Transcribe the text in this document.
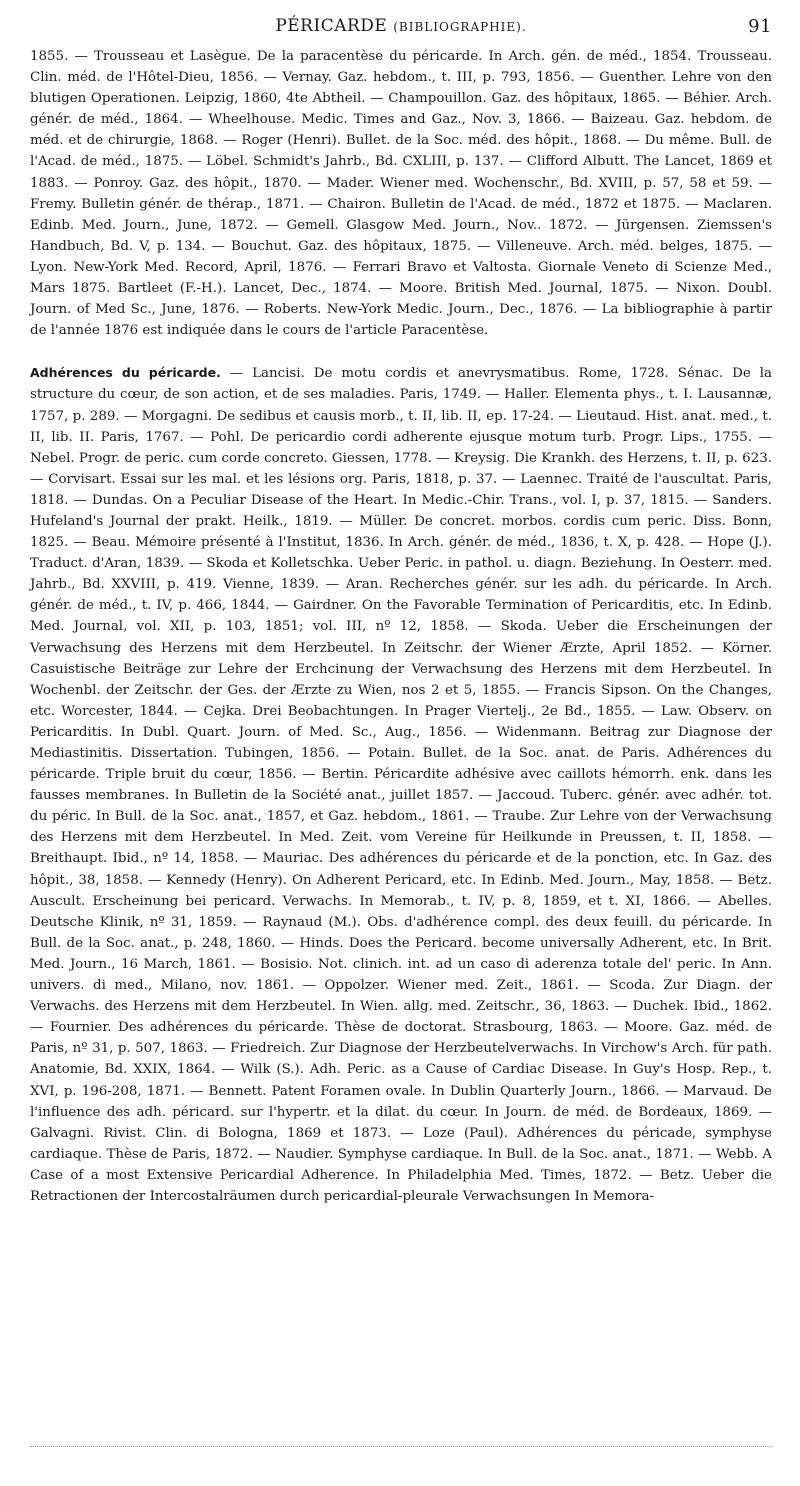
PÉRICARDE (BIBLIOGRAPHIE).	91

1855. — Trousseau et Lasègue. De la paracentèse du péricarde. In Arch. gén. de méd., 1854. Trousseau. Clin. méd. de l'Hôtel-Dieu, 1856. — Vernay. Gaz. hebdom., t. III, p. 793, 1856. — Guenther. Lehre von den blutigen Operationen. Leipzig, 1860, 4te Abtheil. — Champouillon. Gaz. des hôpitaux, 1865. — Béhier. Arch. génér. de méd., 1864. — Wheelhouse. Medic. Times and Gaz., Nov. 3, 1866. — Baizeau. Gaz. hebdom. de méd. et de chirurgie, 1868. — Roger (Henri). Bullet. de la Soc. méd. des hôpit., 1868. — Du même. Bull. de l'Acad. de méd., 1875. — Löbel. Schmidt's Jahrb., Bd. CXLIII, p. 137. — Clifford Albutt. The Lancet, 1869 et 1883. — Ponroy. Gaz. des hôpit., 1870. — Mader. Wiener med. Wochenschr., Bd. XVIII, p. 57, 58 et 59. — Fremy. Bulletin génér. de thérap., 1871. — Chairon. Bulletin de l'Acad. de méd., 1872 et 1875. — Maclaren. Edinb. Med. Journ., June, 1872. — Gemell. Glasgow Med. Journ., Nov.. 1872. — Jürgensen. Ziemssen's Handbuch, Bd. V, p. 134. — Bouchut. Gaz. des hôpitaux, 1875. — Villeneuve. Arch. méd. belges, 1875. — Lyon. New-York Med. Record, April, 1876. — Ferrari Bravo et Valtosta. Giornale Veneto di Scienze Med., Mars 1875. Bartleet (F.-H.). Lancet, Dec., 1874. — Moore. British Med. Journal, 1875. — Nixon. Doubl. Journ. of Med Sc., June, 1876. — Roberts. New-York Medic. Journ., Dec., 1876. — La bibliographie à partir de l'année 1876 est indiquée dans le cours de l'article Paracentèse.

Adhérences du péricarde. — Lancisi. De motu cordis et anevrysmatibus. Rome, 1728. Sénac. De la structure du cœur, de son action, et de ses maladies. Paris, 1749. — Haller. Elementa phys., t. I. Lausannæ, 1757, p. 289. — Morgagni. De sedibus et causis morb., t. II, lib. II, ep. 17-24. — Lieutaud. Hist. anat. med., t. II, lib. II. Paris, 1767. — Pohl. De pericardio cordi adherente ejusque motum turb. Progr. Lips., 1755. — Nebel. Progr. de peric. cum corde concreto. Giessen, 1778. — Kreysig. Die Krankh. des Herzens, t. II, p. 623. — Corvisart. Essai sur les mal. et les lésions org. Paris, 1818, p. 37. — Laennec. Traité de l'auscultat. Paris, 1818. — Dundas. On a Peculiar Disease of the Heart. In Medic.-Chir. Trans., vol. I, p. 37, 1815. — Sanders. Hufeland's Journal der prakt. Heilk., 1819. — Müller. De concret. morbos. cordis cum peric. Diss. Bonn, 1825. — Beau. Mémoire présenté à l'Institut, 1836. In Arch. génér. de méd., 1836, t. X, p. 428. — Hope (J.). Traduct. d'Aran, 1839. — Skoda et Kolletschka. Ueber Peric. in pathol. u. diagn. Beziehung. In Oesterr. med. Jahrb., Bd. XXVIII, p. 419. Vienne, 1839. — Aran. Recherches génér. sur les adh. du péricarde. In Arch. génér. de méd., t. IV, p. 466, 1844. — Gairdner. On the Favorable Termination of Pericarditis, etc. In Edinb. Med. Journal, vol. XII, p. 103, 1851; vol. III, nº 12, 1858. — Skoda. Ueber die Erscheinungen der Verwachsung des Herzens mit dem Herzbeutel. In Zeitschr. der Wiener Ærzte, April 1852. — Körner. Casuistische Beiträge zur Lehre der Erchcinung der Verwachsung des Herzens mit dem Herzbeutel. In Wochenbl. der Zeitschr. der Ges. der Ærzte zu Wien, nos 2 et 5, 1855. — Francis Sipson. On the Changes, etc. Worcester, 1844. — Cejka. Drei Beobachtungen. In Prager Viertelj., 2e Bd., 1855. — Law. Observ. on Pericarditis. In Dubl. Quart. Journ. of Med. Sc., Aug., 1856. — Widenmann. Beitrag zur Diagnose der Mediastinitis. Dissertation. Tubingen, 1856. — Potain. Bullet. de la Soc. anat. de Paris. Adhérences du péricarde. Triple bruit du cœur, 1856. — Bertin. Péricardite adhésive avec caillots hémorrh. enk. dans les fausses membranes. In Bulletin de la Société anat., juillet 1857. — Jaccoud. Tuberc. génér. avec adhér. tot. du péric. In Bull. de la Soc. anat., 1857, et Gaz. hebdom., 1861. — Traube. Zur Lehre von der Verwachsung des Herzens mit dem Herzbeutel. In Med. Zeit. vom Vereine für Heilkunde in Preussen, t. II, 1858. — Breithaupt. Ibid., nº 14, 1858. — Mauriac. Des adhérences du péricarde et de la ponction, etc. In Gaz. des hôpit., 38, 1858. — Kennedy (Henry). On Adherent Pericard, etc. In Edinb. Med. Journ., May, 1858. — Betz. Auscult. Erscheinung bei pericard. Verwachs. In Memorab., t. IV, p. 8, 1859, et t. XI, 1866. — Abelles. Deutsche Klinik, nº 31, 1859. — Raynaud (M.). Obs. d'adhérence compl. des deux feuill. du péricarde. In Bull. de la Soc. anat., p. 248, 1860. — Hinds. Does the Pericard. become universally Adherent, etc. In Brit. Med. Journ., 16 March, 1861. — Bosisio. Not. clinich. int. ad un caso di aderenza totale del' peric. In Ann. univers. di med., Milano, nov. 1861. — Oppolzer. Wiener med. Zeit., 1861. — Scoda. Zur Diagn. der Verwachs. des Herzens mit dem Herzbeutel. In Wien. allg. med. Zeitschr., 36, 1863. — Duchek. Ibid., 1862. — Fournier. Des adhérences du péricarde. Thèse de doctorat. Strasbourg, 1863. — Moore. Gaz. méd. de Paris, nº 31, p. 507, 1863. — Friedreich. Zur Diagnose der Herzbeutelverwachs. In Virchow's Arch. für path. Anatomie, Bd. XXIX, 1864. — Wilk (S.). Adh. Peric. as a Cause of Cardiac Disease. In Guy's Hosp. Rep., t. XVI, p. 196-208, 1871. — Bennett. Patent Foramen ovale. In Dublin Quarterly Journ., 1866. — Marvaud. De l'influence des adh. péricard. sur l'hypertr. et la dilat. du cœur. In Journ. de méd. de Bordeaux, 1869. — Galvagni. Rivist. Clin. di Bologna, 1869 et 1873. — Loze (Paul). Adhérences du péricade, symphyse cardiaque. Thèse de Paris, 1872. — Naudier. Symphyse cardiaque. In Bull. de la Soc. anat., 1871. — Webb. A Case of a most Extensive Pericardial Adherence. In Philadelphia Med. Times, 1872. — Betz. Ueber die Retractionen der Intercostalräumen durch pericardial-pleurale Verwachsungen In Memora-
